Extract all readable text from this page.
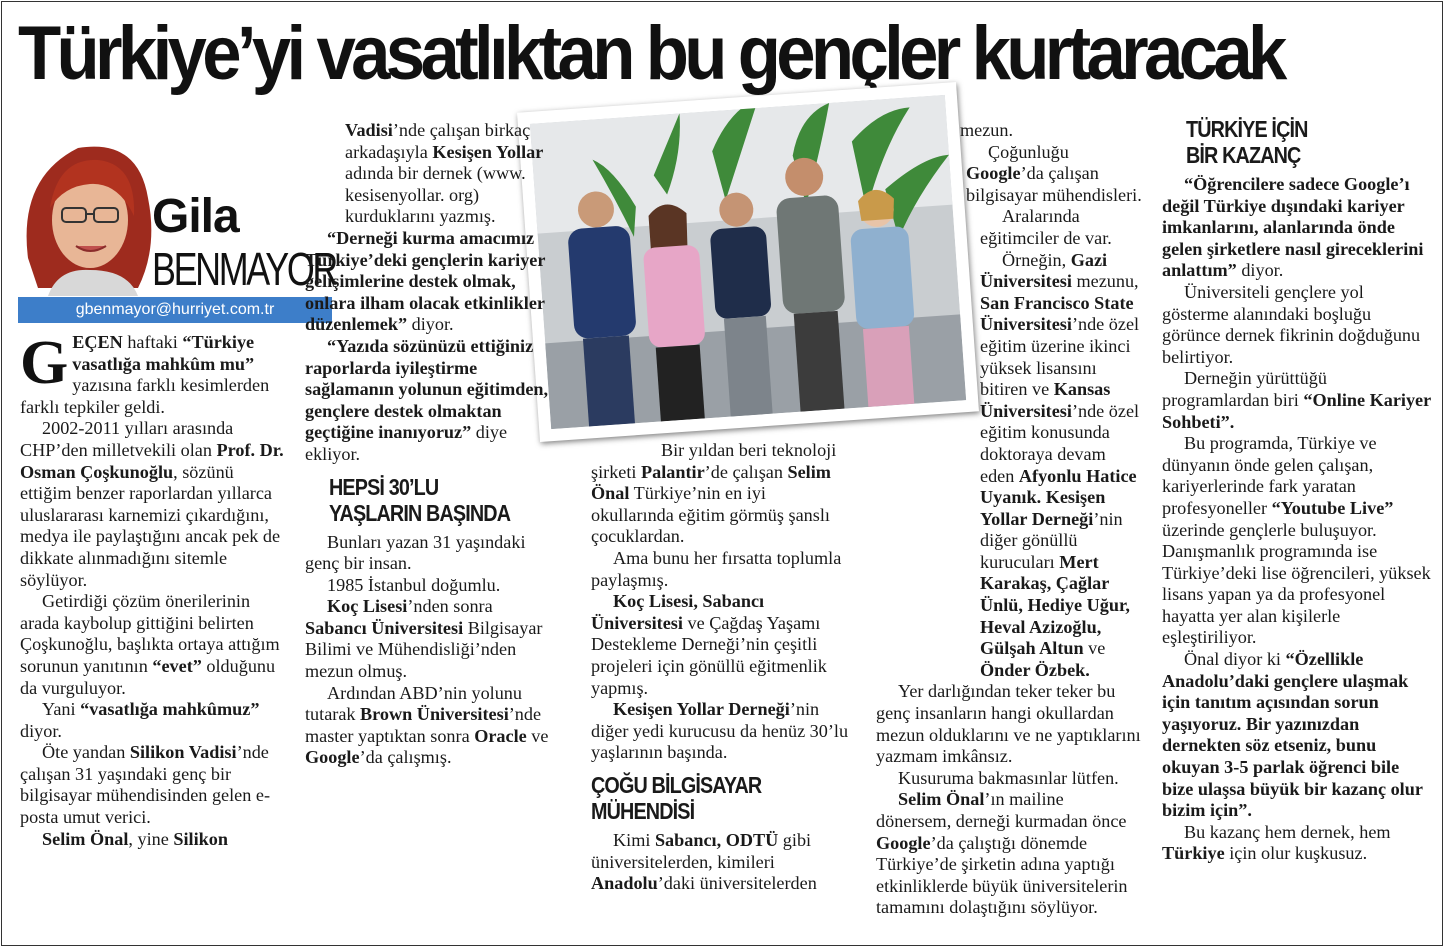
Türkiye’yi vasatlıktan bu gençler kurtaracak
Gila
BENMAYOR
gbenmayor@hurriyet.com.tr

GEÇEN haftaki “Türkiye vasatlığa mahkûm mu” yazısına farklı kesimlerden farklı tepkiler geldi.

2002-2011 yılları arasında CHP’den milletvekili olan Prof. Dr. Osman Çoşkunoğlu, sözünü ettiğim benzer raporlardan yıllarca uluslararası karnemizi çıkardığını, medya ile paylaştığını ancak pek de dikkate alınmadığını sitemle söylüyor.

Getirdiği çözüm önerilerinin arada kaybolup gittiğini belirten Çoşkunoğlu, başlıkta ortaya attığım sorunun yanıtının “evet” olduğunu da vurguluyor.

Yani “vasatlığa mahkûmuz” diyor.

Öte yandan Silikon Vadisi’nde çalışan 31 yaşındaki genç bir bilgisayar mühendisinden gelen e-posta umut verici.

Selim Önal, yine Silikon

Vadisi’nde çalışan birkaç arkadaşıyla Kesişen Yollar adında bir dernek (www. kesisenyollar. org) kurduklarını yazmış.

“Derneği kurma amacımız Türkiye’deki gençlerin kariyer gelişimlerine destek olmak, onlara ilham olacak etkinlikler düzenlemek” diyor.

“Yazıda sözünüzü ettiğiniz raporlarda iyileştirme sağlamanın yolunun eğitimden, gençlere destek olmaktan geçtiğine inanıyoruz” diye ekliyor.

HEPSİ 30’LU
YAŞLARIN BAŞINDA

Bunları yazan 31 yaşındaki genç bir insan.

1985 İstanbul doğumlu.

Koç Lisesi’nden sonra Sabancı Üniversitesi Bilgisayar Bilimi ve Mühendisliği’nden mezun olmuş.

Ardından ABD’nin yolunu tutarak Brown Üniversitesi’nde master yaptıktan sonra Oracle ve Google’da çalışmış.

Bir yıldan beri teknoloji şirketi Palantir’de çalışan Selim Önal Türkiye’nin en iyi okullarında eğitim görmüş şanslı çocuklardan.

Ama bunu her fırsatta toplumla paylaşmış.

Koç Lisesi, Sabancı Üniversitesi ve Çağdaş Yaşamı Destekleme Derneği’nin çeşitli projeleri için gönüllü eğitmenlik yapmış.

Kesişen Yollar Derneği’nin diğer yedi kurucusu da henüz 30’lu yaşlarının başında.

ÇOĞU BİLGİSAYAR
MÜHENDİSİ

Kimi Sabancı, ODTÜ gibi üniversitelerden, kimileri Anadolu’daki üniversitelerden

mezun.

Çoğunluğu Google’da çalışan bilgisayar mühendisleri.

Aralarında eğitimciler de var.

Örneğin, Gazi Üniversitesi mezunu, San Francisco State Üniversitesi’nde özel eğitim üzerine ikinci yüksek lisansını bitiren ve Kansas Üniversitesi’nde özel eğitim konusunda doktoraya devam eden Afyonlu Hatice Uyanık. Kesişen Yollar Derneği’nin diğer gönüllü kurucuları Mert Karakaş, Çağlar Ünlü, Hediye Uğur, Heval Azizoğlu, Gülşah Altun ve Önder Özbek.

Yer darlığından teker teker bu genç insanların hangi okullardan mezun olduklarını ve ne yaptıklarını yazmam imkânsız.

Kusuruma bakmasınlar lütfen.

Selim Önal’ın mailine dönersem, derneği kurmadan önce Google’da çalıştığı dönemde Türkiye’de şirketin adına yaptığı etkinliklerde büyük üniversitelerin tamamını dolaştığını söylüyor.

TÜRKİYE İÇİN
BİR KAZANÇ

“Öğrencilere sadece Google’ı değil Türkiye dışındaki kariyer imkanlarını, alanlarında önde gelen şirketlere nasıl gireceklerini anlattım” diyor.

Üniversiteli gençlere yol gösterme alanındaki boşluğu görünce dernek fikrinin doğduğunu belirtiyor.

Derneğin yürüttüğü programlardan biri “Online Kariyer Sohbeti”.

Bu programda, Türkiye ve dünyanın önde gelen çalışan, kariyerlerinde fark yaratan profesyoneller “Youtube Live” üzerinde gençlerle buluşuyor. Danışmanlık programında ise Türkiye’deki lise öğrencileri, yüksek lisans yapan ya da profesyonel hayatta yer alan kişilerle eşleştiriliyor.

Önal diyor ki “Özellikle Anadolu’daki gençlere ulaşmak için tanıtım açısından sorun yaşıyoruz. Bir yazınızdan dernekten söz etseniz, bunu okuyan 3-5 parlak öğrenci bile bize ulaşsa büyük bir kazanç olur bizim için”.

Bu kazanç hem dernek, hem Türkiye için olur kuşkusuz.
